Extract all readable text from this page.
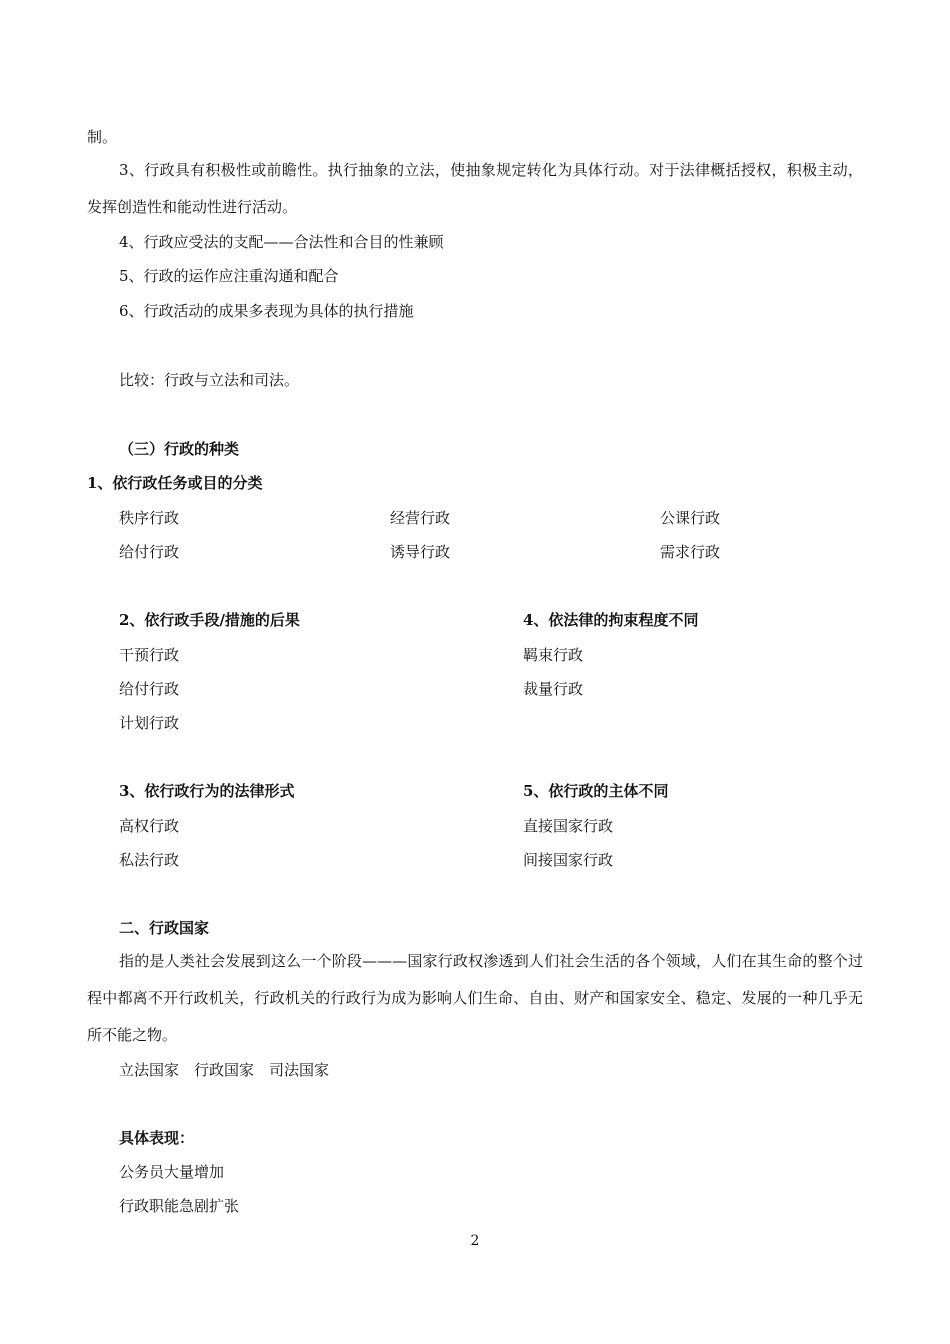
制。
3、行政具有积极性或前瞻性。执行抽象的立法，使抽象规定转化为具体行动。对于法律概括授权，积极主动，发挥创造性和能动性进行活动。
4、行政应受法的支配——合法性和合目的性兼顾
5、行政的运作应注重沟通和配合
6、行政活动的成果多表现为具体的执行措施
比较：行政与立法和司法。
（三）行政的种类
1、依行政任务或目的分类
秩序行政	经营行政	公课行政
给付行政	诱导行政	需求行政
2、依行政手段/措施的后果	4、依法律的拘束程度不同
干预行政	羁束行政
给付行政	裁量行政
计划行政
3、依行政行为的法律形式	5、依行政的主体不同
高权行政	直接国家行政
私法行政	间接国家行政
二、行政国家
指的是人类社会发展到这么一个阶段———国家行政权渗透到人们社会生活的各个领域，人们在其生命的整个过程中都离不开行政机关，行政机关的行政行为成为影响人们生命、自由、财产和国家安全、稳定、发展的一种几乎无所不能之物。
立法国家　行政国家　司法国家
具体表现：
公务员大量增加
行政职能急剧扩张
2
